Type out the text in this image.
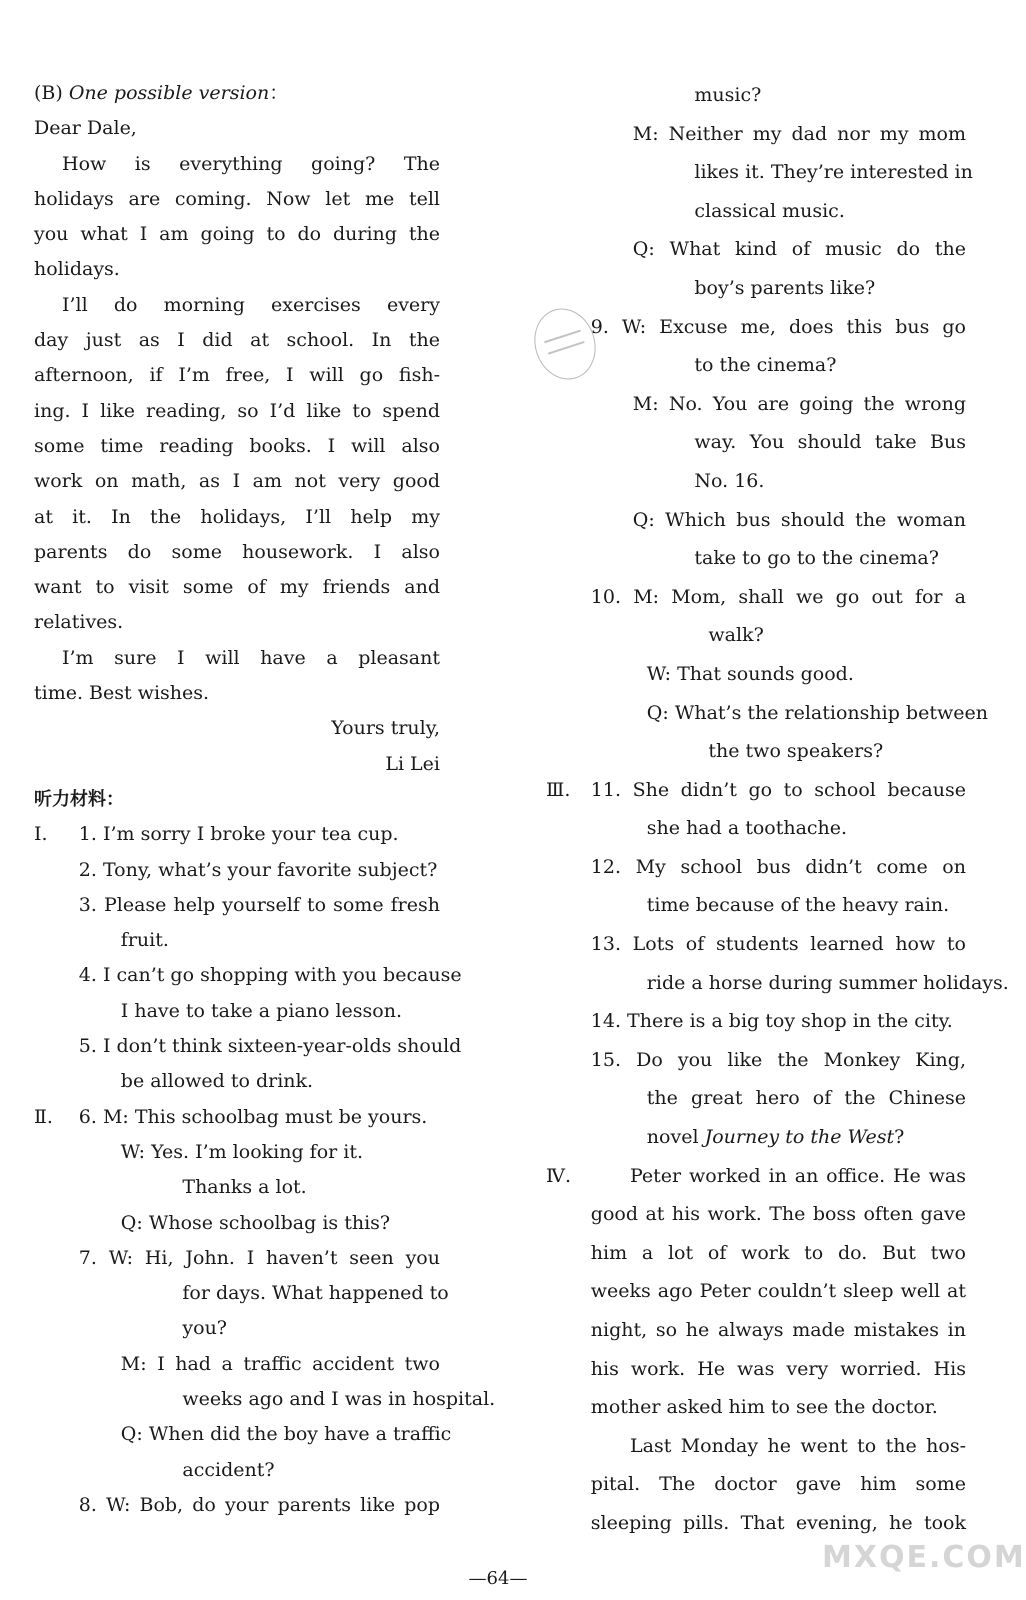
(B) One possible version：
Dear Dale,
How is everything going? The
holidays are coming. Now let me tell
you what I am going to do during the
holidays.
I’ll do morning exercises every
day just as I did at school. In the
afternoon, if I’m free, I will go fish-
ing. I like reading, so I’d like to spend
some time reading books. I will also
work on math, as I am not very good
at it. In the holidays, I’ll help my
parents do some housework. I also
want to visit some of my friends and
relatives.
I’m sure I will have a pleasant
time. Best wishes.
Yours truly,
Li Lei
听力材料：
Ⅰ. 1. I’m sorry I broke your tea cup.
2. Tony, what’s your favorite subject?
3. Please help yourself to some fresh
fruit.
4. I can’t go shopping with you because
I have to take a piano lesson.
5. I don’t think sixteen-year-olds should
be allowed to drink.
Ⅱ. 6. M: This schoolbag must be yours.
W: Yes. I’m looking for it.
Thanks a lot.
Q: Whose schoolbag is this?
7. W: Hi, John. I haven’t seen you
for days. What happened to
you?
M: I had a traffic accident two
weeks ago and I was in hospital.
Q: When did the boy have a traffic
accident?
8. W: Bob, do your parents like pop
music?
M: Neither my dad nor my mom
likes it. They’re interested in
classical music.
Q: What kind of music do the
boy’s parents like?
9. W: Excuse me, does this bus go
to the cinema?
M: No. You are going the wrong
way. You should take Bus
No. 16.
Q: Which bus should the woman
take to go to the cinema?
10. M: Mom, shall we go out for a
walk?
W: That sounds good.
Q: What’s the relationship between
the two speakers?
Ⅲ. 11. She didn’t go to school because
she had a toothache.
12. My school bus didn’t come on
time because of the heavy rain.
13. Lots of students learned how to
ride a horse during summer holidays.
14. There is a big toy shop in the city.
15. Do you like the Monkey King,
the great hero of the Chinese
novel Journey to the West?
Ⅳ.	Peter worked in an office. He was
good at his work. The boss often gave
him a lot of work to do. But two
weeks ago Peter couldn’t sleep well at
night, so he always made mistakes in
his work. He was very worried. His
mother asked him to see the doctor.
Last Monday he went to the hos-
pital. The doctor gave him some
sleeping pills. That evening, he took
—64—
MXQE.COM
